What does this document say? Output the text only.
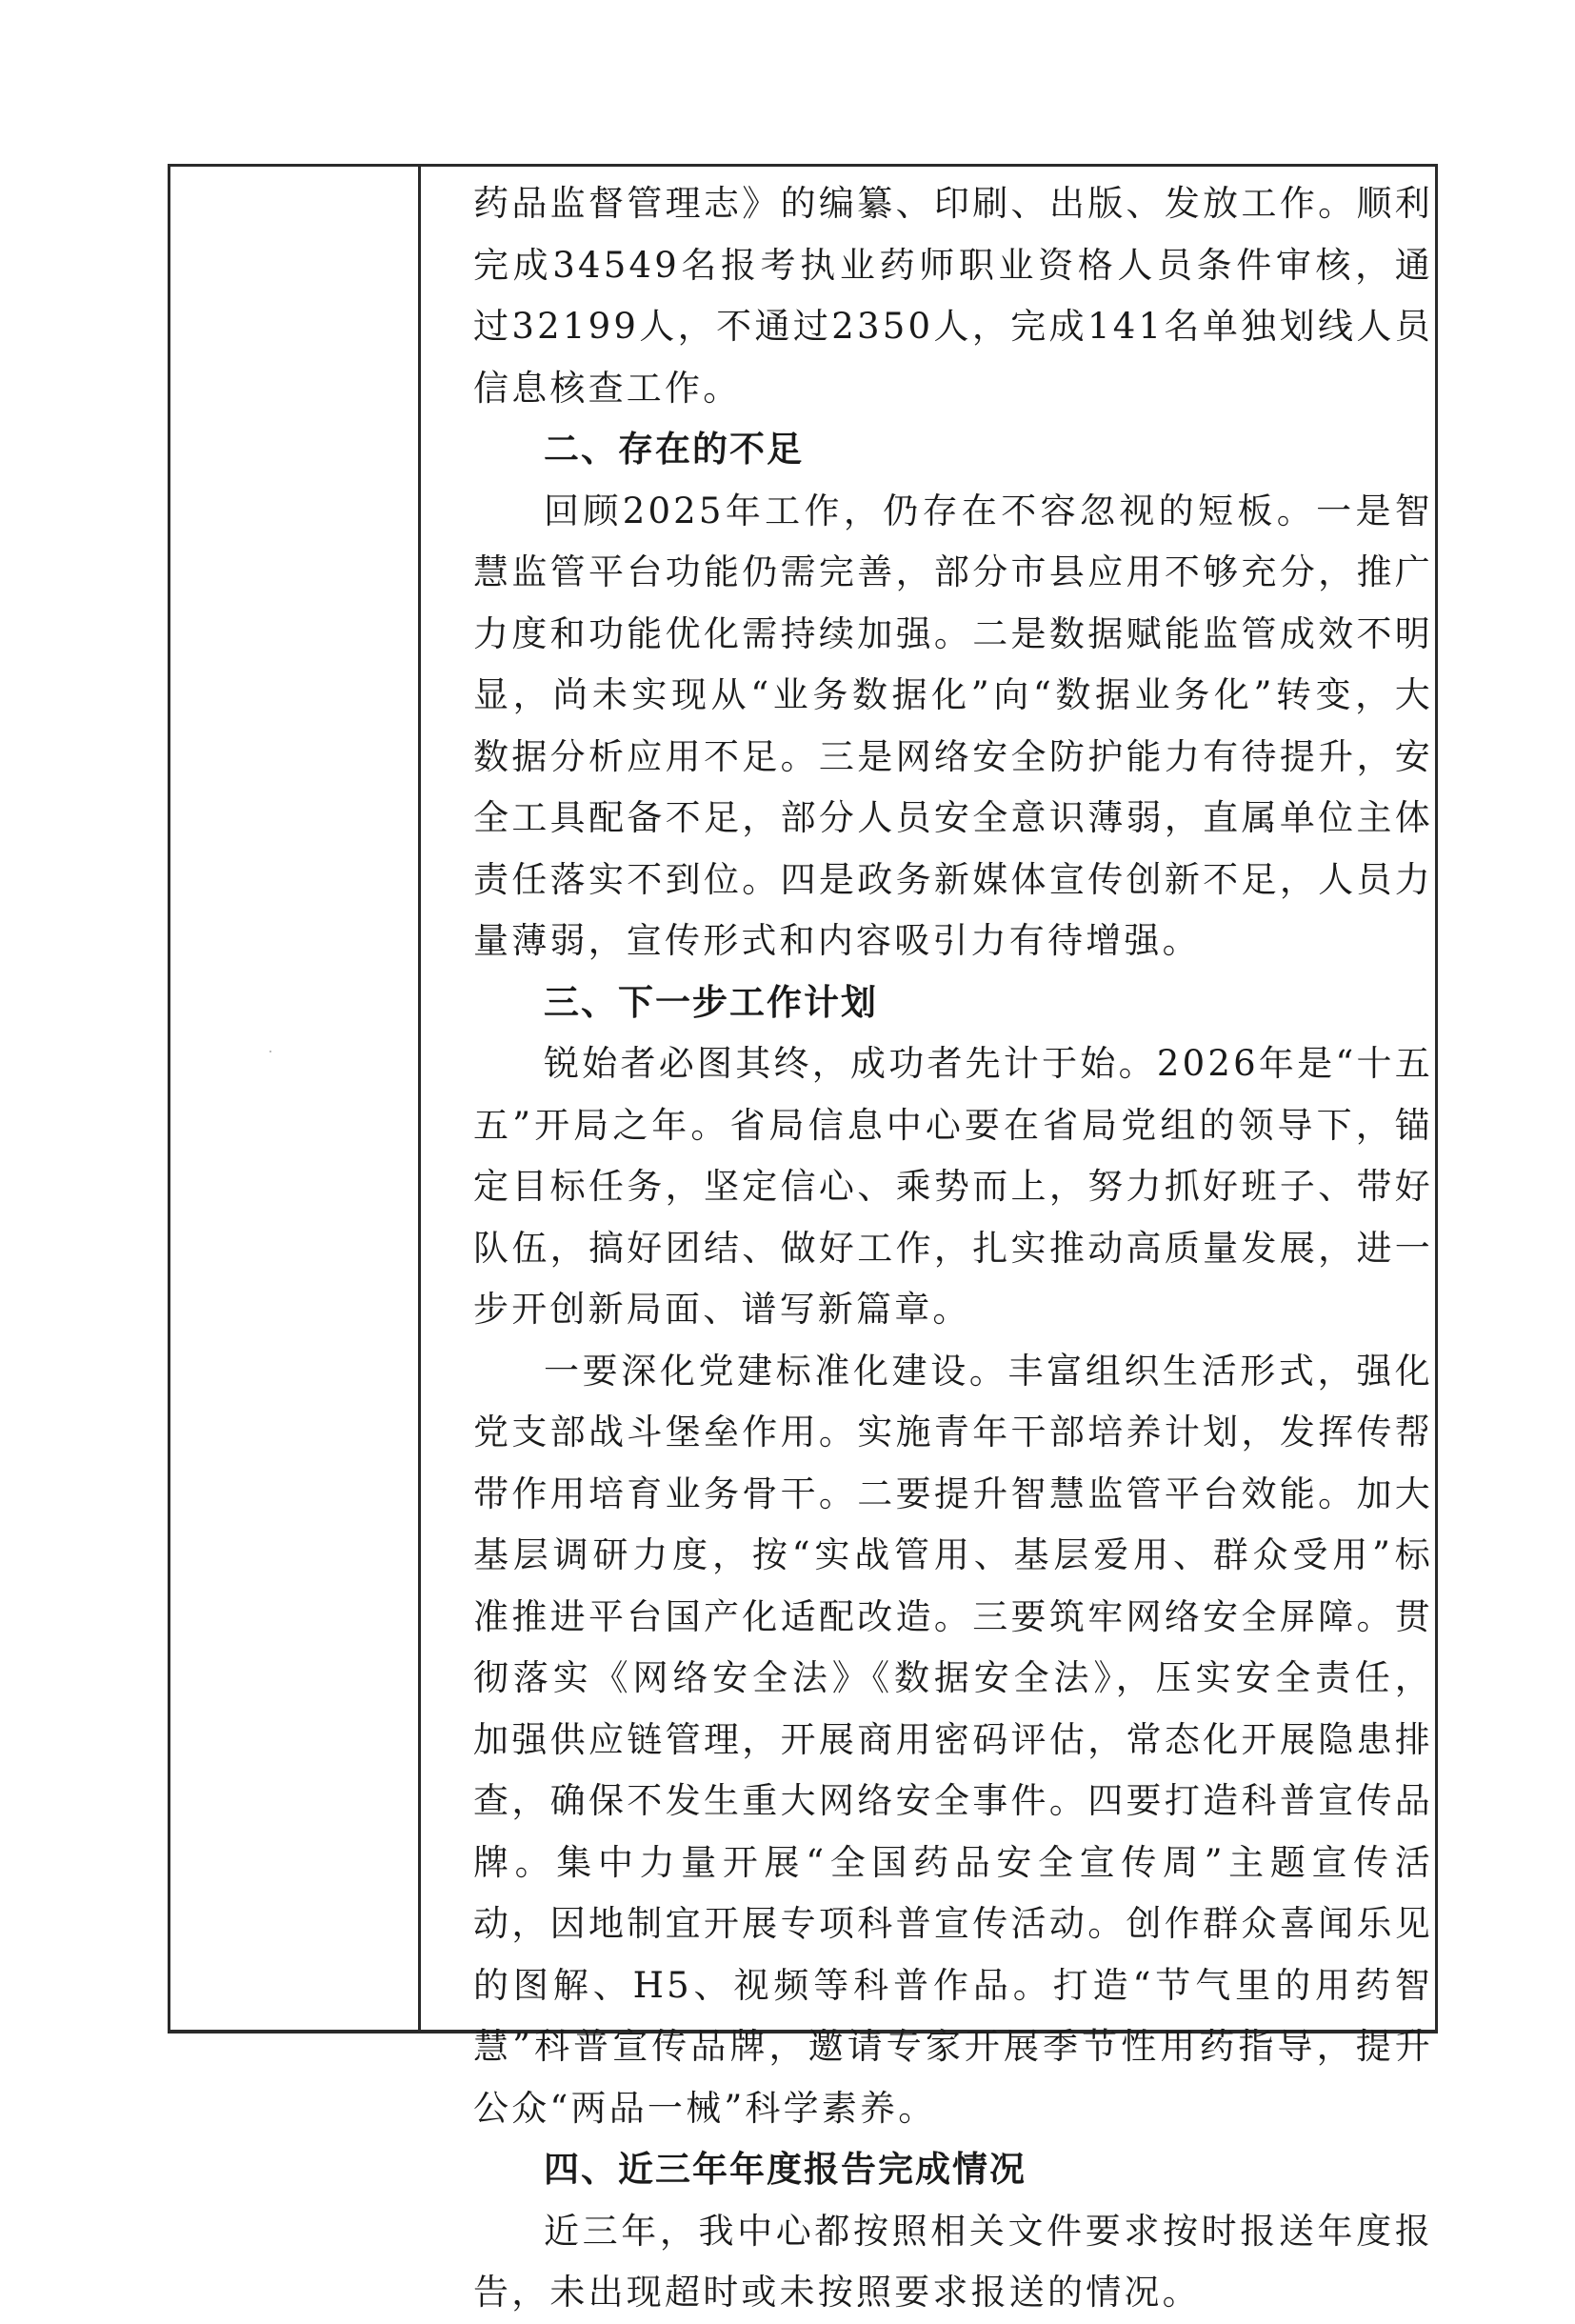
药品监督管理志》的编纂、印刷、出版、发放工作。顺利完成34549名报考执业药师职业资格人员条件审核，通过32199人，不通过2350人，完成141名单独划线人员信息核查工作。

二、存在的不足

回顾2025年工作，仍存在不容忽视的短板。一是智慧监管平台功能仍需完善，部分市县应用不够充分，推广力度和功能优化需持续加强。二是数据赋能监管成效不明显，尚未实现从“业务数据化”向“数据业务化”转变，大数据分析应用不足。三是网络安全防护能力有待提升，安全工具配备不足，部分人员安全意识薄弱，直属单位主体责任落实不到位。四是政务新媒体宣传创新不足，人员力量薄弱，宣传形式和内容吸引力有待增强。

三、下一步工作计划

锐始者必图其终，成功者先计于始。2026年是“十五五”开局之年。省局信息中心要在省局党组的领导下，锚定目标任务，坚定信心、乘势而上，努力抓好班子、带好队伍，搞好团结、做好工作，扎实推动高质量发展，进一步开创新局面、谱写新篇章。

一要深化党建标准化建设。丰富组织生活形式，强化党支部战斗堡垒作用。实施青年干部培养计划，发挥传帮带作用培育业务骨干。二要提升智慧监管平台效能。加大基层调研力度，按“实战管用、基层爱用、群众受用”标准推进平台国产化适配改造。三要筑牢网络安全屏障。贯彻落实《网络安全法》《数据安全法》，压实安全责任，加强供应链管理，开展商用密码评估，常态化开展隐患排查，确保不发生重大网络安全事件。四要打造科普宣传品牌。集中力量开展“全国药品安全宣传周”主题宣传活动，因地制宜开展专项科普宣传活动。创作群众喜闻乐见的图解、H5、视频等科普作品。打造“节气里的用药智慧”科普宣传品牌，邀请专家开展季节性用药指导，提升公众“两品一械”科学素养。

四、近三年年度报告完成情况

近三年，我中心都按照相关文件要求按时报送年度报告，未出现超时或未按照要求报送的情况。
